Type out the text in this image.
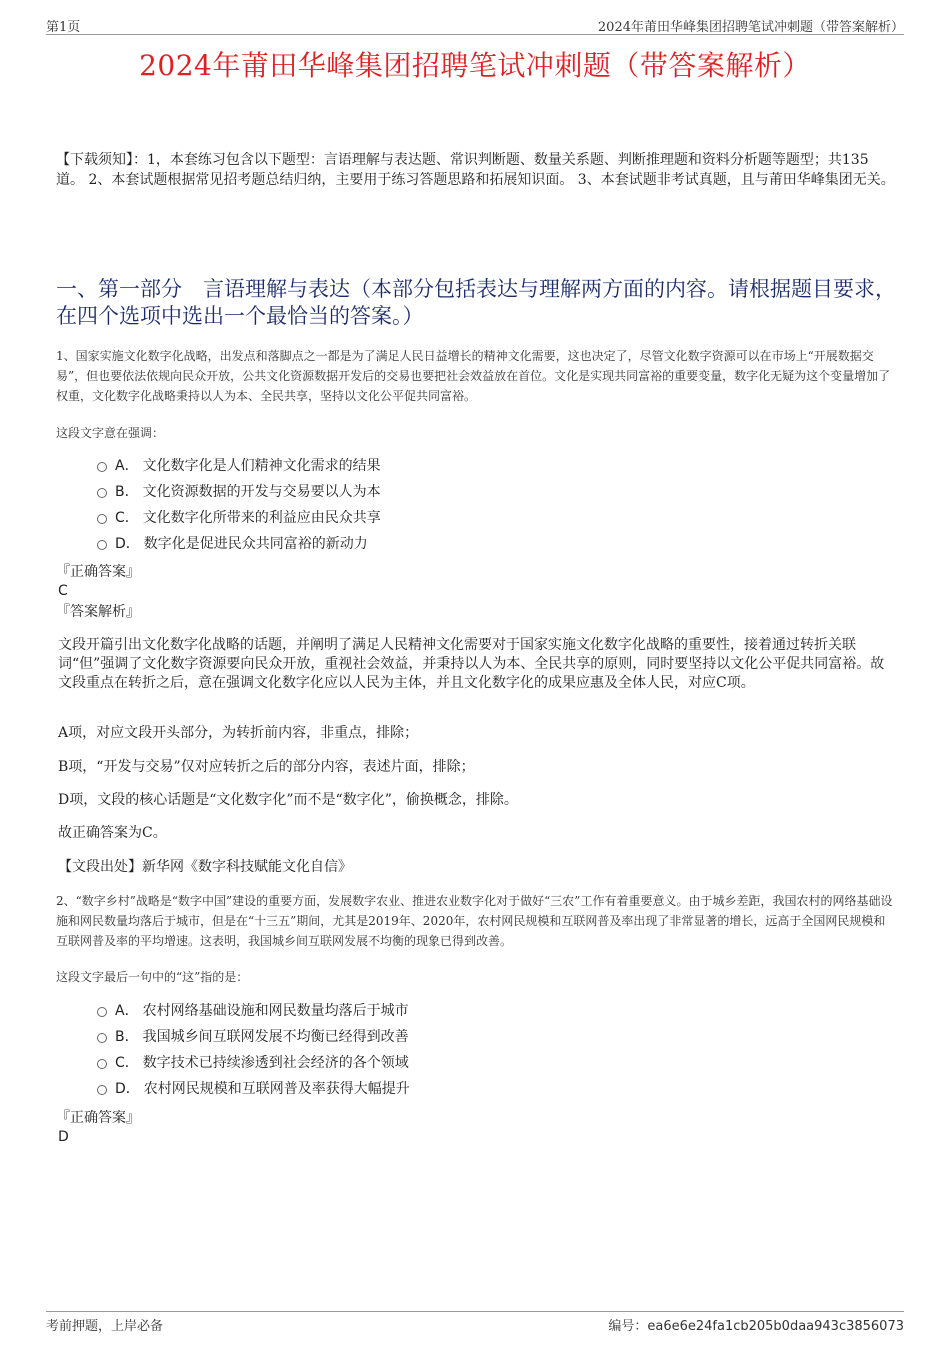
第1页	2024年莆田华峰集团招聘笔试冲刺题（带答案解析）
2024年莆田华峰集团招聘笔试冲刺题（带答案解析）
【下载须知】：1，本套练习包含以下题型：言语理解与表达题、常识判断题、数量关系题、判断推理题和资料分析题等题型；共135道。 2、本套试题根据常见招考题总结归纳，主要用于练习答题思路和拓展知识面。 3、本套试题非考试真题，且与莆田华峰集团无关。
一、第一部分　言语理解与表达（本部分包括表达与理解两方面的内容。请根据题目要求，在四个选项中选出一个最恰当的答案。）
1、国家实施文化数字化战略，出发点和落脚点之一都是为了满足人民日益增长的精神文化需要，这也决定了，尽管文化数字资源可以在市场上“开展数据交易”，但也要依法依规向民众开放，公共文化资源数据开发后的交易也要把社会效益放在首位。文化是实现共同富裕的重要变量，数字化无疑为这个变量增加了权重，文化数字化战略秉持以人为本、全民共享，坚持以文化公平促共同富裕。
这段文字意在强调：
A． 文化数字化是人们精神文化需求的结果
B． 文化资源数据的开发与交易要以人为本
C． 文化数字化所带来的利益应由民众共享
D． 数字化是促进民众共同富裕的新动力
『正确答案』
C
『答案解析』
文段开篇引出文化数字化战略的话题，并阐明了满足人民精神文化需要对于国家实施文化数字化战略的重要性，接着通过转折关联词“但”强调了文化数字资源要向民众开放，重视社会效益，并秉持以人为本、全民共享的原则，同时要坚持以文化公平促共同富裕。故文段重点在转折之后，意在强调文化数字化应以人民为主体，并且文化数字化的成果应惠及全体人民，对应C项。
A项，对应文段开头部分，为转折前内容，非重点，排除；
B项，“开发与交易”仅对应转折之后的部分内容，表述片面，排除；
D项，文段的核心话题是“文化数字化”而不是“数字化”，偷换概念，排除。
故正确答案为C。
【文段出处】新华网《数字科技赋能文化自信》
2、“数字乡村”战略是“数字中国”建设的重要方面，发展数字农业、推进农业数字化对于做好“三农”工作有着重要意义。由于城乡差距，我国农村的网络基础设施和网民数量均落后于城市，但是在“十三五”期间，尤其是2019年、2020年，农村网民规模和互联网普及率出现了非常显著的增长，远高于全国网民规模和互联网普及率的平均增速。这表明，我国城乡间互联网发展不均衡的现象已得到改善。
这段文字最后一句中的“这”指的是：
A． 农村网络基础设施和网民数量均落后于城市
B． 我国城乡间互联网发展不均衡已经得到改善
C． 数字技术已持续渗透到社会经济的各个领域
D． 农村网民规模和互联网普及率获得大幅提升
『正确答案』
D
考前押题，上岸必备	编号：ea6e6e24fa1cb205b0daa943c3856073
